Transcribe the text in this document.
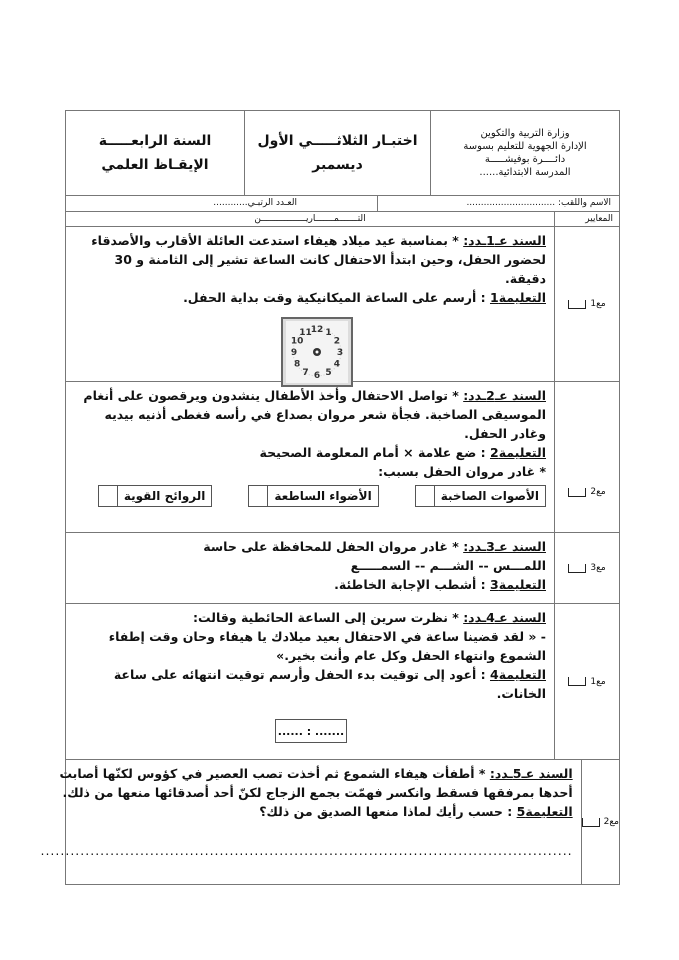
وزارة التربية والتكوين
الإدارة الجهوية للتعليم بسوسة
دائــــرة بوفيشـــــة
المدرسة الابتدائية......
اختبـار الثلاثـــــي الأول
ديسمبر
السنة الرابعـــــة
الإيقـاظ العلمي
الاسم واللقب: ...............................
العـدد الرتبـي............
المعايير
التـــــــمـــــــاريـــــــــــــــــن
مع1
السند عـ1ـدد: * بمناسبة عيد ميلاد هيفاء استدعت العائلة الأقارب والأصدقاء لحضور الحفل، وحين ابتدأ الاحتفال كانت الساعة تشير إلى الثامنة و 30 دقيقة.
التعليمة1 : أرسم على الساعة الميكانيكية وقت بداية الحفل.
12 1
2
3
4
5
6
7
8
9
10
11
مع2
السند عـ2ـدد: * تواصل الاحتفال وأخذ الأطفال ينشدون ويرقصون على أنغام الموسيقى الصاخبة. فجأة شعر مروان بصداع في رأسه فغطى أذنيه بيديه وغادر الحفل.
التعليمة2 : ضع علامة × أمام المعلومة الصحيحة
* غادر مروان الحفل بسبب:
الأصوات الصاخبة
الأضواء الساطعة
الروائح القوية
مع3
السند عـ3ـدد: * غادر مروان الحفل للمحافظة على حاسة
اللمـــس -- الشـــم -- السمـــــع
التعليمة3 : أشطب الإجابة الخاطئة.
مع1
السند عـ4ـدد: * نظرت سرين إلى الساعة الحائطية وقالت:
- « لقد قضينا ساعة في الاحتفال بعيد ميلادك يا هيفاء وحان وقت إطفاء الشموع وانتهاء الحفل وكل عام وأنت بخير.»
التعليمة4 : أعود إلى توقيت بدء الحفل وأرسم توقيت انتهائه على ساعة الخانات.
...... : .......
مع2
السند عـ5ـدد: * أطفأت هيفاء الشموع ثم أخذت تصب العصير في كؤوس لكنّها أصابت أحدها بمرفقها فسقط وانكسر فهمّت بجمع الزجاج لكنّ أحد أصدقائها منعها من ذلك.
التعليمة5 : حسب رأيك لماذا منعها الصديق من ذلك؟
...........................................................................................................
